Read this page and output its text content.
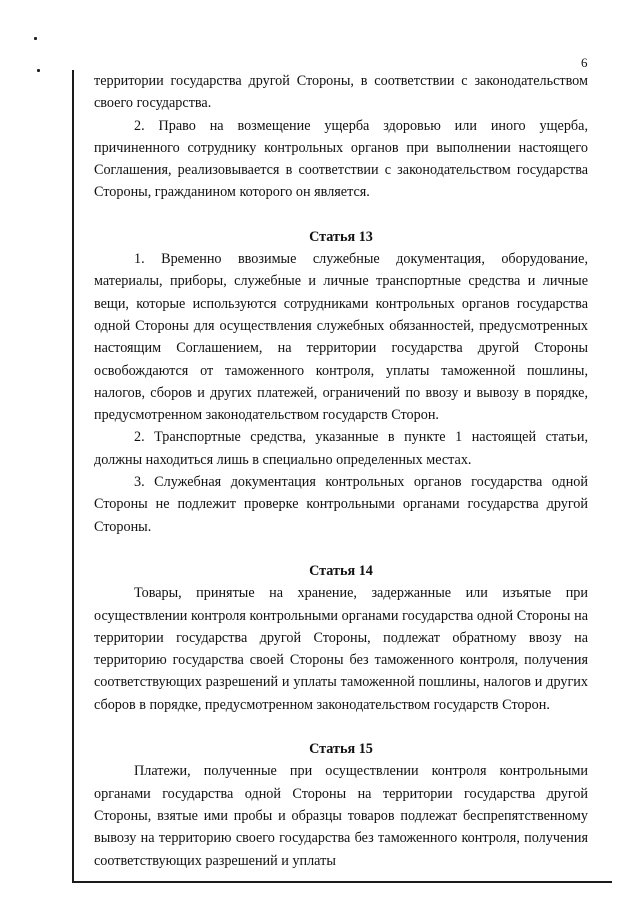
6

территории государства другой Стороны, в соответствии с законодательством своего государства.

2. Право на возмещение ущерба здоровью или иного ущерба, причиненного сотруднику контрольных органов при выполнении настоящего Соглашения, реализовывается в соответствии с законодательством государства Стороны, гражданином которого он является.

Статья 13

1. Временно ввозимые служебные документация, оборудование, материалы, приборы, служебные и личные транспортные средства и личные вещи, которые используются сотрудниками контрольных органов государства одной Стороны для осуществления служебных обязанностей, предусмотренных настоящим Соглашением, на территории государства другой Стороны освобождаются от таможенного контроля, уплаты таможенной пошлины, налогов, сборов и других платежей, ограничений по ввозу и вывозу в порядке, предусмотренном законодательством государств Сторон.

2. Транспортные средства, указанные в пункте 1 настоящей статьи, должны находиться лишь в специально определенных местах.

3. Служебная документация контрольных органов государства одной Стороны не подлежит проверке контрольными органами государства другой Стороны.

Статья 14

Товары, принятые на хранение, задержанные или изъятые при осуществлении контроля контрольными органами государства одной Стороны на территории государства другой Стороны, подлежат обратному ввозу на территорию государства своей Стороны без таможенного контроля, получения соответствующих разрешений и уплаты таможенной пошлины, налогов и других сборов в порядке, предусмотренном законодательством государств Сторон.

Статья 15

Платежи, полученные при осуществлении контроля контрольными органами государства одной Стороны на территории государства другой Стороны, взятые ими пробы и образцы товаров подлежат беспрепятственному вывозу на территорию своего государства без таможенного контроля, получения соответствующих разрешений и уплаты
